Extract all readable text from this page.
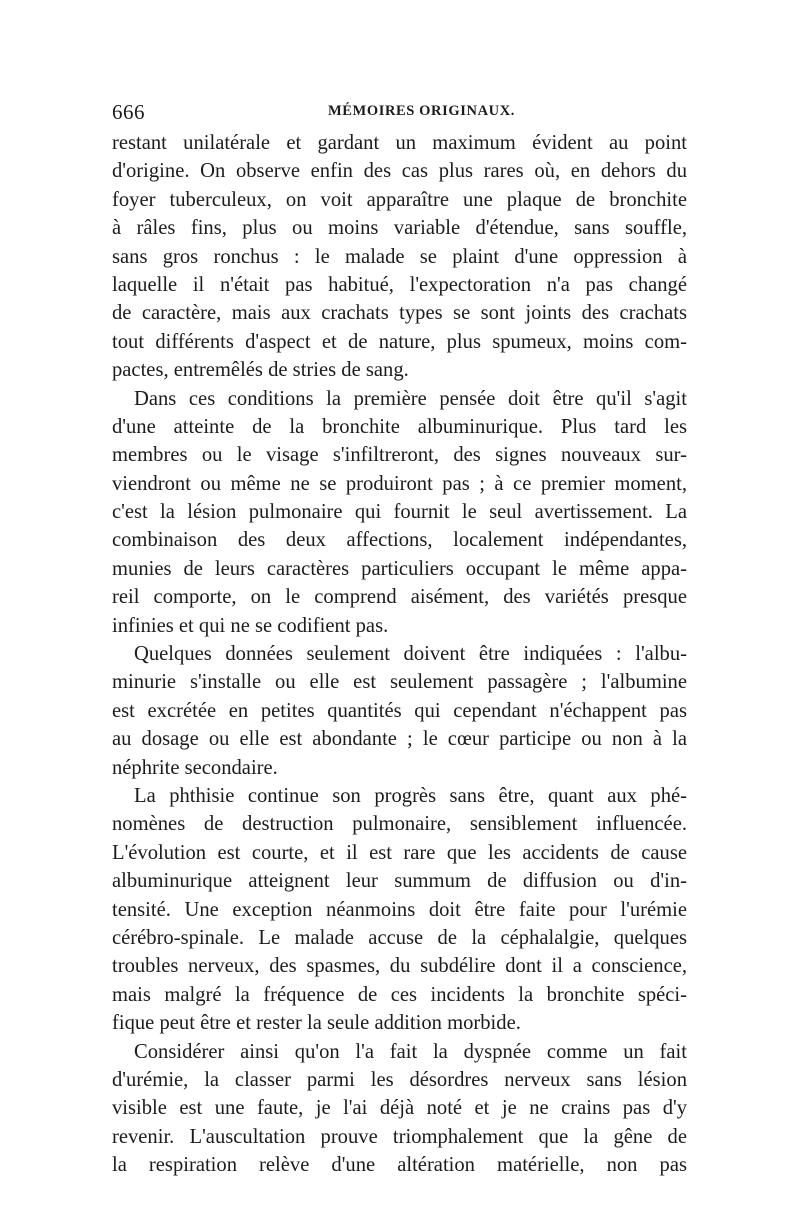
666	MÉMOIRES ORIGINAUX.
restant unilatérale et gardant un maximum évident au point
d'origine. On observe enfin des cas plus rares où, en dehors du
foyer tuberculeux, on voit apparaître une plaque de bronchite
à râles fins, plus ou moins variable d'étendue, sans souffle,
sans gros ronchus : le malade se plaint d'une oppression à
laquelle il n'était pas habitué, l'expectoration n'a pas changé
de caractère, mais aux crachats types se sont joints des crachats
tout différents d'aspect et de nature, plus spumeux, moins com-
pactes, entremêlés de stries de sang.
Dans ces conditions la première pensée doit être qu'il s'agit
d'une atteinte de la bronchite albuminurique. Plus tard les
membres ou le visage s'infiltreront, des signes nouveaux sur-
viendront ou même ne se produiront pas ; à ce premier moment,
c'est la lésion pulmonaire qui fournit le seul avertissement. La
combinaison des deux affections, localement indépendantes,
munies de leurs caractères particuliers occupant le même appa-
reil comporte, on le comprend aisément, des variétés presque
infinies et qui ne se codifient pas.
Quelques données seulement doivent être indiquées : l'albu-
minurie s'installe ou elle est seulement passagère ; l'albumine
est excrétée en petites quantités qui cependant n'échappent pas
au dosage ou elle est abondante ; le cœur participe ou non à la
néphrite secondaire.
La phthisie continue son progrès sans être, quant aux phé-
nomènes de destruction pulmonaire, sensiblement influencée.
L'évolution est courte, et il est rare que les accidents de cause
albuminurique atteignent leur summum de diffusion ou d'in-
tensité. Une exception néanmoins doit être faite pour l'urémie
cérébro-spinale. Le malade accuse de la céphalalgie, quelques
troubles nerveux, des spasmes, du subdélire dont il a conscience,
mais malgré la fréquence de ces incidents la bronchite spéci-
fique peut être et rester la seule addition morbide.
Considérer ainsi qu'on l'a fait la dyspnée comme un fait
d'urémie, la classer parmi les désordres nerveux sans lésion
visible est une faute, je l'ai déjà noté et je ne crains pas d'y
revenir. L'auscultation prouve triomphalement que la gêne de
la respiration relève d'une altération matérielle, non pas
